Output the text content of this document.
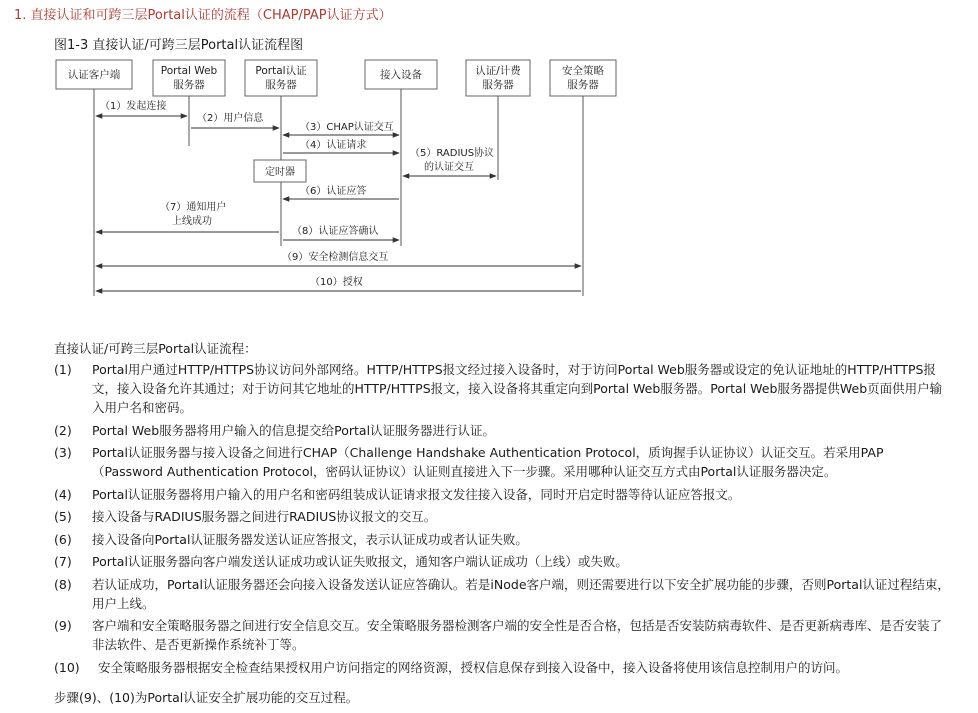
1. 直接认证和可跨三层Portal认证的流程（CHAP/PAP认证方式）
图1-3 直接认证/可跨三层Portal认证流程图
认证客户端	Portal Web
服务器
Portal认证
服务器
接入设备	认证/计费
服务器
安全策略
服务器
定时器
（1）发起连接
（2）用户信息
（3）CHAP认证交互
（4）认证请求
（5）RADIUS协议
的认证交互
（6）认证应答
（7）通知用户
上线成功
（8）认证应答确认
（9）安全检测信息交互
（10）授权
直接认证/可跨三层Portal认证流程：
(1) Portal用户通过HTTP/HTTPS协议访问外部网络。HTTP/HTTPS报文经过接入设备时，对于访问Portal Web服务器或设定的免认证地址的HTTP/HTTPS报文，接入设备允许其通过；对于访问其它地址的HTTP/HTTPS报文，接入设备将其重定向到Portal Web服务器。Portal Web服务器提供Web页面供用户输入用户名和密码。
(2) Portal Web服务器将用户输入的信息提交给Portal认证服务器进行认证。
(3) Portal认证服务器与接入设备之间进行CHAP（Challenge Handshake Authentication Protocol，质询握手认证协议）认证交互。若采用PAP（Password Authentication Protocol，密码认证协议）认证则直接进入下一步骤。采用哪种认证交互方式由Portal认证服务器决定。
(4) Portal认证服务器将用户输入的用户名和密码组装成认证请求报文发往接入设备，同时开启定时器等待认证应答报文。
(5) 接入设备与RADIUS服务器之间进行RADIUS协议报文的交互。
(6) 接入设备向Portal认证服务器发送认证应答报文，表示认证成功或者认证失败。
(7) Portal认证服务器向客户端发送认证成功或认证失败报文，通知客户端认证成功（上线）或失败。
(8) 若认证成功，Portal认证服务器还会向接入设备发送认证应答确认。若是iNode客户端，则还需要进行以下安全扩展功能的步骤，否则Portal认证过程结束，用户上线。
(9) 客户端和安全策略服务器之间进行安全信息交互。安全策略服务器检测客户端的安全性是否合格，包括是否安装防病毒软件、是否更新病毒库、是否安装了非法软件、是否更新操作系统补丁等。
(10) 安全策略服务器根据安全检查结果授权用户访问指定的网络资源，授权信息保存到接入设备中，接入设备将使用该信息控制用户的访问。
步骤(9)、(10)为Portal认证安全扩展功能的交互过程。
